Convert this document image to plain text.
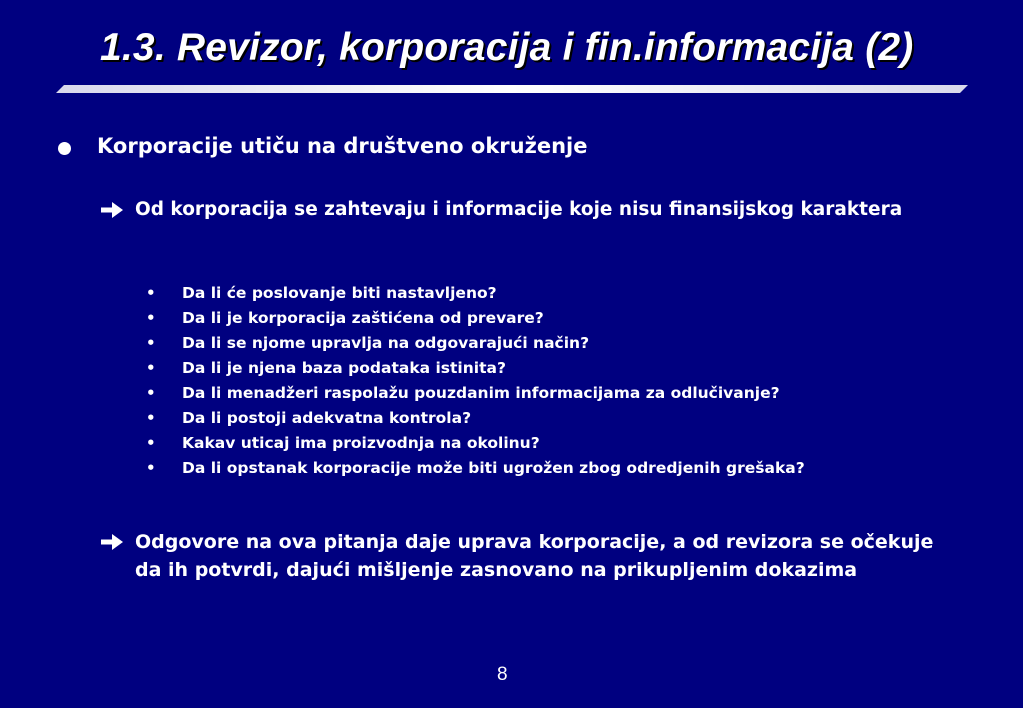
1.3. Revizor, korporacija i fin.informacija (2)
Korporacije utiču na društveno okruženje
Od korporacija se zahtevaju i informacije koje nisu finansijskog karaktera
• Da li će poslovanje biti nastavljeno?
• Da li je korporacija zaštićena od prevare?
• Da li se njome upravlja na odgovarajući način?
• Da li je njena baza podataka istinita?
• Da li menadžeri raspolažu pouzdanim informacijama za odlučivanje?
• Da li postoji adekvatna kontrola?
• Kakav uticaj ima proizvodnja na okolinu?
• Da li opstanak korporacije može biti ugrožen zbog odredjenih grešaka?
Odgovore na ova pitanja daje uprava korporacije, a od revizora se očekuje da ih potvrdi, dajući mišljenje zasnovano na prikupljenim dokazima
8
